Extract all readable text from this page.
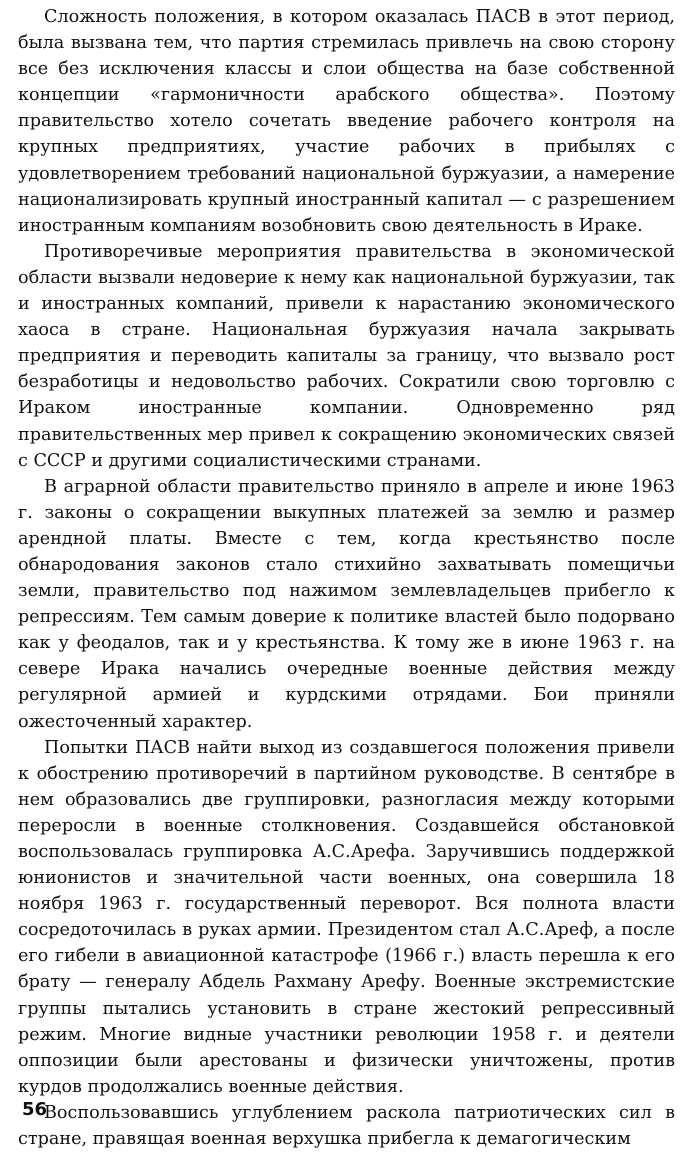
Сложность положения, в котором оказалась ПАСВ в этот период, была вызвана тем, что партия стремилась привлечь на свою сторону все без исключения классы и слои общества на базе собственной концепции «гармоничности арабского общества». Поэтому правительство хотело сочетать введение рабочего контроля на крупных предприятиях, участие рабочих в прибылях с удовлетворением требований национальной буржуазии, а намерение национализировать крупный иностранный капитал — с разрешением иностранным компаниям возобновить свою деятельность в Ираке.

Противоречивые мероприятия правительства в экономической области вызвали недоверие к нему как национальной буржуазии, так и иностранных компаний, привели к нарастанию экономического хаоса в стране. Национальная буржуазия начала закрывать предприятия и переводить капиталы за границу, что вызвало рост безработицы и недовольство рабочих. Сократили свою торговлю с Ираком иностранные компании. Одновременно ряд правительственных мер привел к сокращению экономических связей с СССР и другими социалистическими странами.

В аграрной области правительство приняло в апреле и июне 1963 г. законы о сокращении выкупных платежей за землю и размер арендной платы. Вместе с тем, когда крестьянство после обнародования законов стало стихийно захватывать помещичьи земли, правительство под нажимом землевладельцев прибегло к репрессиям. Тем самым доверие к политике властей было подорвано как у феодалов, так и у крестьянства. К тому же в июне 1963 г. на севере Ирака начались очередные военные действия между регулярной армией и курдскими отрядами. Бои приняли ожесточенный характер.

Попытки ПАСВ найти выход из создавшегося положения привели к обострению противоречий в партийном руководстве. В сентябре в нем образовались две группировки, разногласия между которыми переросли в военные столкновения. Создавшейся обстановкой воспользовалась группировка А.С.Арефа. Заручившись поддержкой юнионистов и значительной части военных, она совершила 18 ноября 1963 г. государственный переворот. Вся полнота власти сосредоточилась в руках армии. Президентом стал А.С.Ареф, а после его гибели в авиационной катастрофе (1966 г.) власть перешла к его брату — генералу Абдель Рахману Арефу. Военные экстремистские группы пытались установить в стране жестокий репрессивный режим. Многие видные участники революции 1958 г. и деятели оппозиции были арестованы и физически уничтожены, против курдов продолжались военные действия.

Воспользовавшись углублением раскола патриотических сил в стране, правящая военная верхушка прибегла к демагогическим

56
